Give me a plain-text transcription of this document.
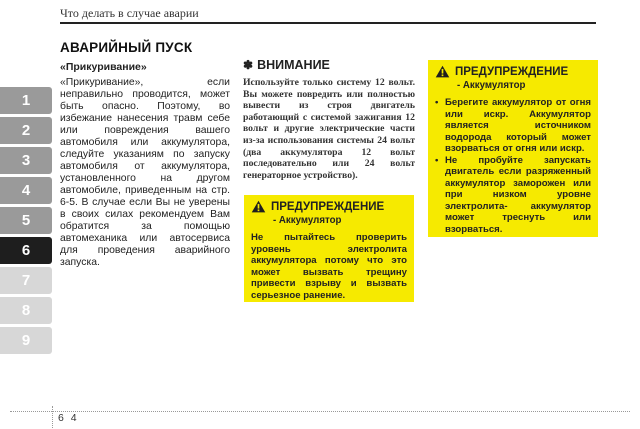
Что делать в случае аварии
1
2
3
4
5
6
7
8
9
АВАРИЙНЫЙ ПУСК
«Прикуривание»
«Прикуривание», если неправильно проводится, может быть опасно. Поэтому, во избежание нанесения травм себе или повреждения вашего автомобиля или аккумулятора, следуйте указаниям по запуску автомобиля от аккумулятора, установленного на другом автомобиле, приведенным на стр. 6-5. В случае если Вы не уверены в своих силах рекомендуем Вам обратится за помощью автомеханика или автосервиса для проведения аварийного запуска.
✽ ВНИМАНИЕ
Используйте только систему 12 вольт. Вы можете повредить или полностью вывести из строя двигатель работающий с системой зажигания 12 вольт и другие электрические части из-за использования системы 24 вольт (два аккумулятора 12 вольт последовательно или 24 вольт генераторное устройство).
ПРЕДУПРЕЖДЕНИЕ
- Аккумулятор
Не пытайтесь проверить уровень электролита аккумулятора потому что это может вызвать трещину привести взрыву и вызвать серьезное ранение.
ПРЕДУПРЕЖДЕНИЕ
- Аккумулятор
• Берегите аккумулятор от огня или искр. Аккумулятор является источником водорода который может взорваться от огня или искр.
• Не пробуйте запускать двигатель если разряженный аккумулятор заморожен или при низком уровне электролита- аккумулятор может треснуть или взорваться.
6 4
